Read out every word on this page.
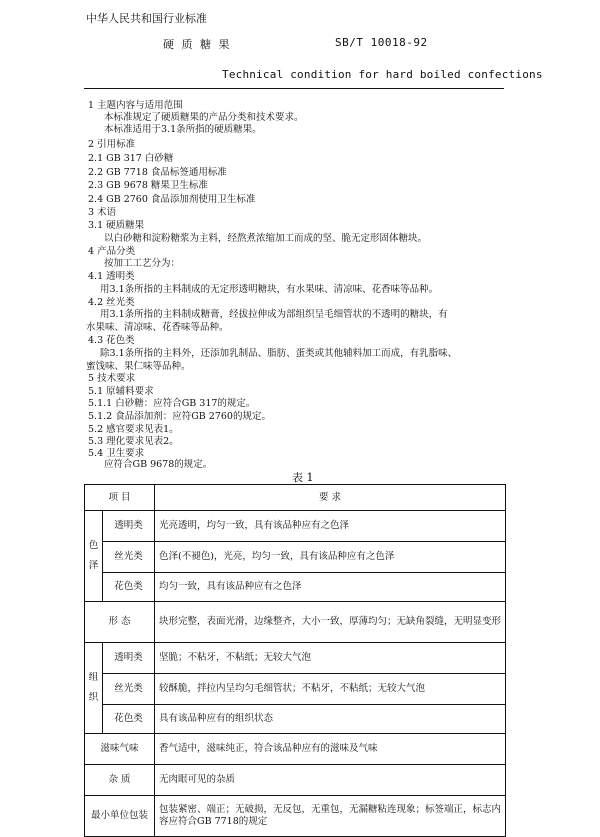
中华人民共和国行业标准
硬 质 糖 果	SB/T 10018-92
Technical condition for hard boiled confections
1 主题内容与适用范围
本标准规定了硬质糖果的产品分类和技术要求。
本标准适用于3.1条所指的硬质糖果。
2 引用标准
2.1 GB 317 白砂糖
2.2 GB 7718 食品标签通用标准
2.3 GB 9678 糖果卫生标准
2.4 GB 2760 食品添加剂使用卫生标准
3 术语
3.1 硬质糖果
以白砂糖和淀粉糖浆为主料，经熬煮浓缩加工而成的坚、脆无定形固体糖块。
4 产品分类
按加工工艺分为：
4.1 透明类
用3.1条所指的主料制成的无定形透明糖块，有水果味、清凉味、花香味等品种。
4.2 丝光类
用3.1条所指的主料制成糖膏，经拔拉伸成为部组织呈毛细管状的不透明的糖块，有
水果味、清凉味、花香味等品种。
4.3 花色类
除3.1条所指的主料外，还添加乳制品、脂肪、蛋类或其他辅料加工而成，有乳脂味、
蜜饯味、果仁味等品种。
5 技术要求
5.1 原辅料要求
5.1.1 白砂糖：应符合GB 317的规定。
5.1.2 食品添加剂：应符GB 2760的规定。
5.2 感官要求见表1。
5.3 理化要求见表2。
5.4 卫生要求
应符合GB 9678的规定。
表 1
项 目		要 求
色泽	透明类	光亮透明，均匀一致，具有该品种应有之色泽
	丝光类	色泽(不褪色)，光亮，均匀一致，具有该品种应有之色泽
	花色类	均匀一致，具有该品种应有之色泽
形 态		块形完整，表面光滑，边缘整齐，大小一致，厚薄均匀；无缺角裂缝，无明显变形
组织	透明类	坚脆；不粘牙，不粘纸；无较大气泡
	丝光类	较酥脆，拌拉内呈均匀毛细管状；不粘牙，不粘纸；无较大气泡
	花色类	具有该品种应有的组织状态
滋味气味		香气适中，滋味纯正，符合该品种应有的滋味及气味
杂 质		无肉眼可见的杂质
最小单位包装		包装紧密、端正；无破损，无反包，无重包，无漏糖粘连现象；标签端正，标志内容应符合GB 7718的规定
